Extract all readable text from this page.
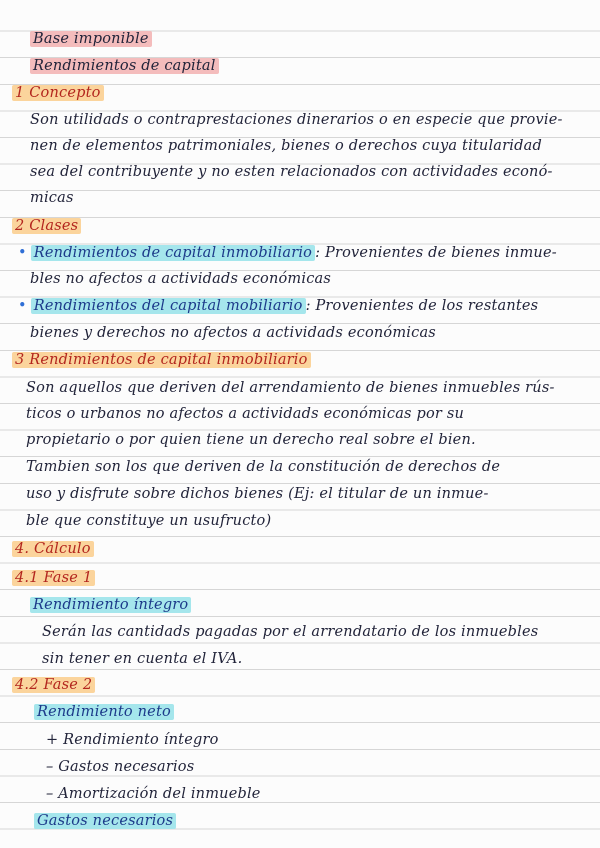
Base imponible
Rendimientos de capital
1 Concepto
Son utilidads o contraprestaciones dinerarios o en especie que provie-
nen de elementos patrimoniales, bienes o derechos cuya titularidad
sea del contribuyente y no esten relacionados con actividades econó-
micas
2 Clases
• Rendimientos de capital inmobiliario : Provenientes de bienes inmue-
bles no afectos a actividads económicas
• Rendimientos del capital mobiliario : Provenientes de los restantes
bienes y derechos no afectos a actividads económicas
3 Rendimientos de capital inmobiliario
Son aquellos que deriven del arrendamiento de bienes inmuebles rús-
ticos o urbanos no afectos a actividads económicas por su
propietario o por quien tiene un derecho real sobre el bien.
Tambien son los que deriven de la constitución de derechos de
uso y disfrute sobre dichos bienes (Ej: el titular de un inmue-
ble que constituye un usufructo)
4. Cálculo
4.1 Fase 1
Rendimiento íntegro
Serán las cantidads pagadas por el arrendatario de los inmuebles
sin tener en cuenta el IVA.
4.2 Fase 2
Rendimiento neto
+ Rendimiento íntegro
– Gastos necesarios
– Amortización del inmueble
Gastos necesarios
